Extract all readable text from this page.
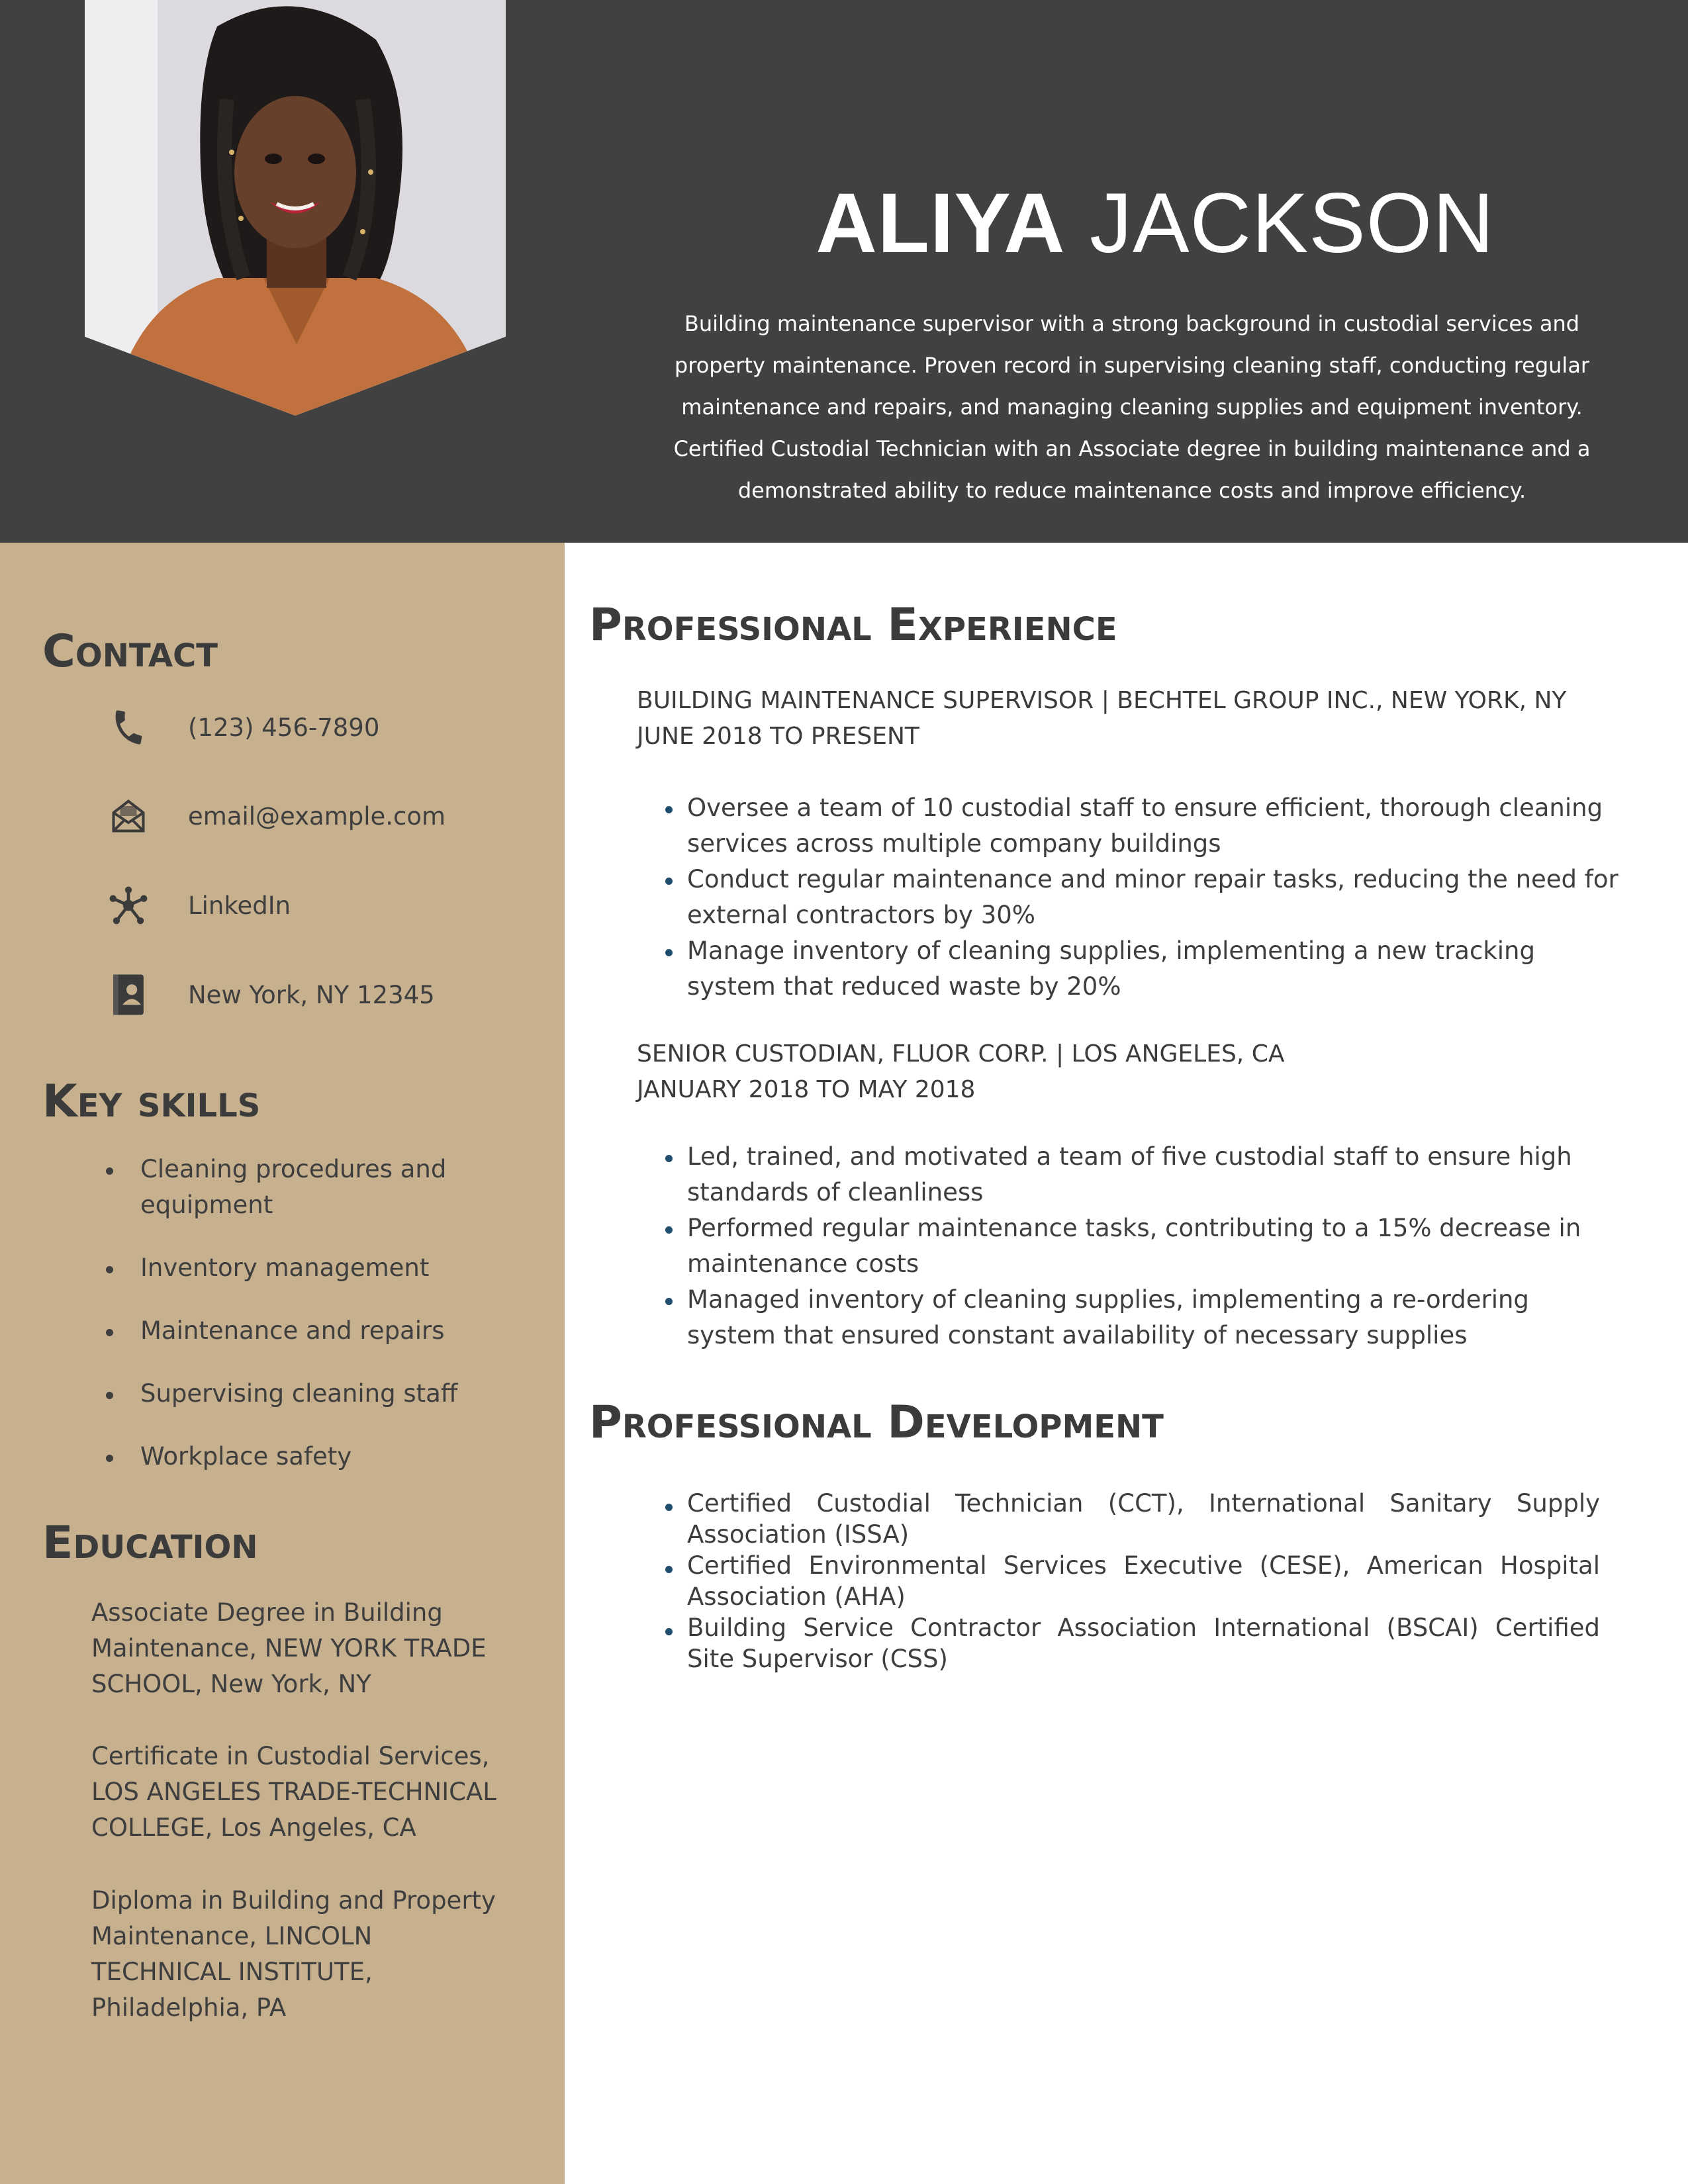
ALIYA JACKSON
Building maintenance supervisor with a strong background in custodial services and property maintenance. Proven record in supervising cleaning staff, conducting regular maintenance and repairs, and managing cleaning supplies and equipment inventory. Certified Custodial Technician with an Associate degree in building maintenance and a demonstrated ability to reduce maintenance costs and improve efficiency.
Contact
(123) 456-7890
email@example.com
LinkedIn
New York, NY 12345
Key skills
Cleaning procedures and equipment
Inventory management
Maintenance and repairs
Supervising cleaning staff
Workplace safety
Education
Associate Degree in Building Maintenance, NEW YORK TRADE SCHOOL, New York, NY
Certificate in Custodial Services, LOS ANGELES TRADE-TECHNICAL COLLEGE, Los Angeles, CA
Diploma in Building and Property Maintenance, LINCOLN TECHNICAL INSTITUTE, Philadelphia, PA
Professional Experience
BUILDING MAINTENANCE SUPERVISOR | BECHTEL GROUP INC., NEW YORK, NY
JUNE 2018 TO PRESENT
Oversee a team of 10 custodial staff to ensure efficient, thorough cleaning services across multiple company buildings
Conduct regular maintenance and minor repair tasks, reducing the need for external contractors by 30%
Manage inventory of cleaning supplies, implementing a new tracking system that reduced waste by 20%
SENIOR CUSTODIAN, FLUOR CORP. | LOS ANGELES, CA
JANUARY 2018 TO MAY 2018
Led, trained, and motivated a team of five custodial staff to ensure high standards of cleanliness
Performed regular maintenance tasks, contributing to a 15% decrease in maintenance costs
Managed inventory of cleaning supplies, implementing a re-ordering system that ensured constant availability of necessary supplies
Professional Development
Certified Custodial Technician (CCT), International Sanitary Supply Association (ISSA)
Certified Environmental Services Executive (CESE), American Hospital Association (AHA)
Building Service Contractor Association International (BSCAI) Certified Site Supervisor (CSS)
